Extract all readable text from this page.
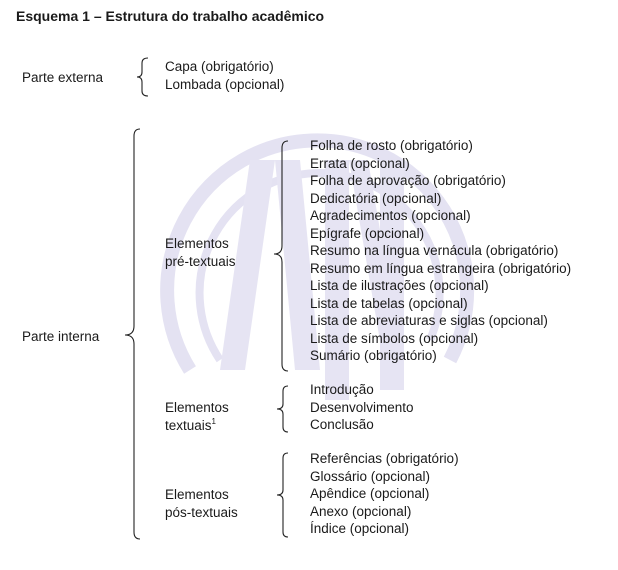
Esquema 1 – Estrutura do trabalho acadêmico
Parte externa
Capa (obrigatório)
Lombada (opcional)
Parte interna
Elementos
pré-textuais
Folha de rosto (obrigatório)
Errata (opcional)
Folha de aprovação (obrigatório)
Dedicatória (opcional)
Agradecimentos (opcional)
Epígrafe (opcional)
Resumo na língua vernácula (obrigatório)
Resumo em língua estrangeira (obrigatório)
Lista de ilustrações (opcional)
Lista de tabelas (opcional)
Lista de abreviaturas e siglas (opcional)
Lista de símbolos (opcional)
Sumário (obrigatório)
Elementos
textuais$^1$
Introdução
Desenvolvimento
Conclusão
Elementos
pós-textuais
Referências (obrigatório)
Glossário (opcional)
Apêndice (opcional)
Anexo (opcional)
Índice (opcional)
